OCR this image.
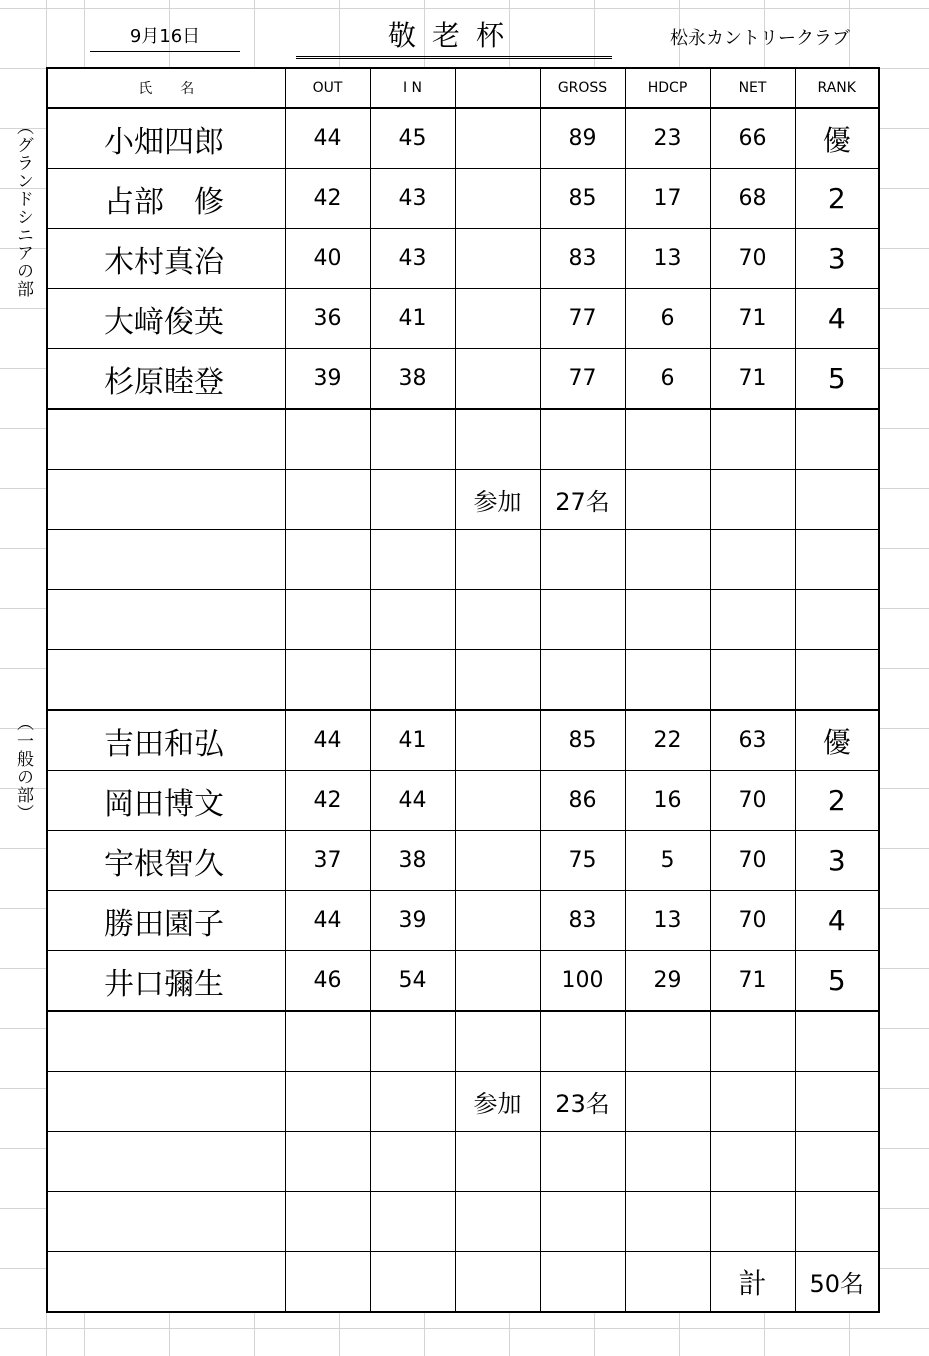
9月16日	敬老杯	松永カントリークラブ
（グランドシニアの部
（一般の部）
氏　　名	OUT	I N		GROSS	HDCP	NET	RANK
小畑四郎	44	45		89	23	66	優
占部　修	42	43		85	17	68	2
木村真治	40	43		83	13	70	3
大﨑俊英	36	41		77	6	71	4
杉原睦登	39	38		77	6	71	5

			参加	27名			

吉田和弘	44	41		85	22	63	優
岡田博文	42	44		86	16	70	2
宇根智久	37	38		75	5	70	3
勝田園子	44	39		83	13	70	4
井口彌生	46	54		100	29	71	5

			参加	23名			

						計	50名
